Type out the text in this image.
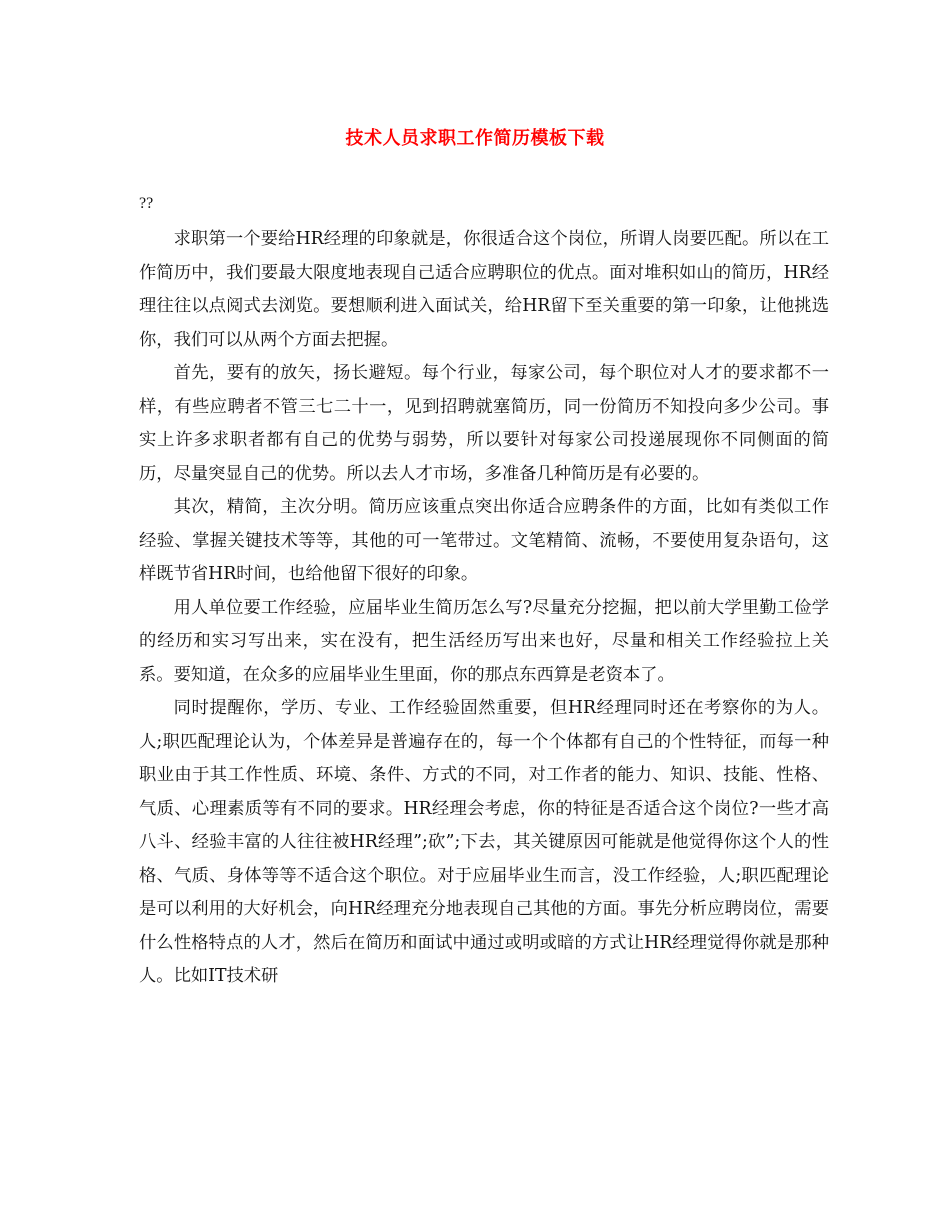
技术人员求职工作简历模板下载
??

求职第一个要给HR经理的印象就是，你很适合这个岗位，所谓人岗要匹配。所以在工作简历中，我们要最大限度地表现自己适合应聘职位的优点。面对堆积如山的简历，HR经理往往以点阅式去浏览。要想顺利进入面试关，给HR留下至关重要的第一印象，让他挑选你，我们可以从两个方面去把握。

首先，要有的放矢，扬长避短。每个行业，每家公司，每个职位对人才的要求都不一样，有些应聘者不管三七二十一，见到招聘就塞简历，同一份简历不知投向多少公司。事实上许多求职者都有自己的优势与弱势，所以要针对每家公司投递展现你不同侧面的简历，尽量突显自己的优势。所以去人才市场，多准备几种简历是有必要的。

其次，精简，主次分明。简历应该重点突出你适合应聘条件的方面，比如有类似工作经验、掌握关键技术等等，其他的可一笔带过。文笔精简、流畅，不要使用复杂语句，这样既节省HR时间，也给他留下很好的印象。

用人单位要工作经验，应届毕业生简历怎么写?尽量充分挖掘，把以前大学里勤工俭学的经历和实习写出来，实在没有，把生活经历写出来也好，尽量和相关工作经验拉上关系。要知道，在众多的应届毕业生里面，你的那点东西算是老资本了。

同时提醒你，学历、专业、工作经验固然重要，但HR经理同时还在考察你的为人。人;职匹配理论认为，个体差异是普遍存在的，每一个个体都有自己的个性特征，而每一种职业由于其工作性质、环境、条件、方式的不同，对工作者的能力、知识、技能、性格、气质、心理素质等有不同的要求。HR经理会考虑，你的特征是否适合这个岗位?一些才高八斗、经验丰富的人往往被HR经理”;砍”;下去，其关键原因可能就是他觉得你这个人的性格、气质、身体等等不适合这个职位。对于应届毕业生而言，没工作经验，人;职匹配理论是可以利用的大好机会，向HR经理充分地表现自己其他的方面。事先分析应聘岗位，需要什么性格特点的人才，然后在简历和面试中通过或明或暗的方式让HR经理觉得你就是那种人。比如IT技术研
